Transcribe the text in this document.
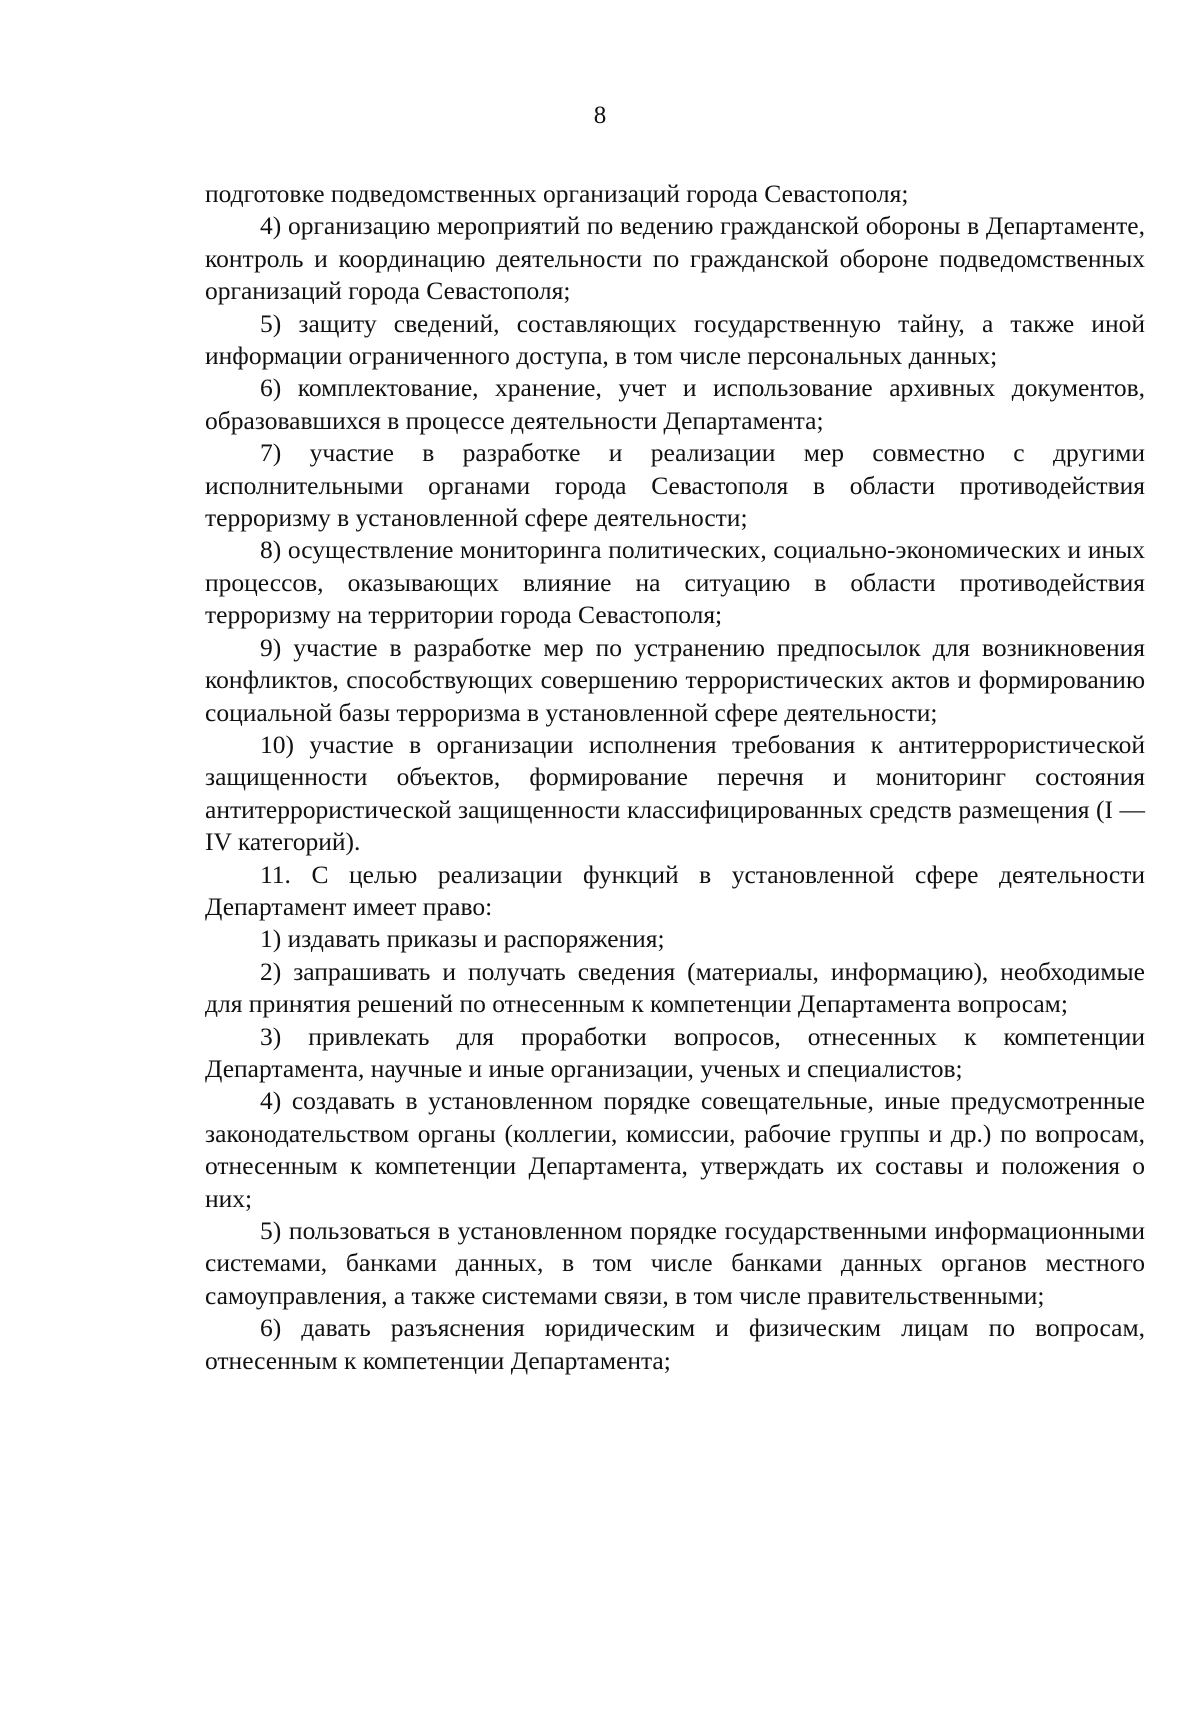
8

подготовке подведомственных организаций города Севастополя;

4) организацию мероприятий по ведению гражданской обороны в Департаменте, контроль и координацию деятельности по гражданской обороне подведомственных организаций города Севастополя;

5) защиту сведений, составляющих государственную тайну, а также иной информации ограниченного доступа, в том числе персональных данных;

6) комплектование, хранение, учет и использование архивных документов, образовавшихся в процессе деятельности Департамента;

7) участие в разработке и реализации мер совместно с другими исполнительными органами города Севастополя в области противодействия терроризму в установленной сфере деятельности;

8) осуществление мониторинга политических, социально-экономических и иных процессов, оказывающих влияние на ситуацию в области противодействия терроризму на территории города Севастополя;

9) участие в разработке мер по устранению предпосылок для возникновения конфликтов, способствующих совершению террористических актов и формированию социальной базы терроризма в установленной сфере деятельности;

10) участие в организации исполнения требования к антитеррористической защищенности объектов, формирование перечня и мониторинг состояния антитеррористической защищенности классифицированных средств размещения (I — IV категорий).

11. С целью реализации функций в установленной сфере деятельности Департамент имеет право:

1) издавать приказы и распоряжения;

2) запрашивать и получать сведения (материалы, информацию), необходимые для принятия решений по отнесенным к компетенции Департамента вопросам;

3) привлекать для проработки вопросов, отнесенных к компетенции Департамента, научные и иные организации, ученых и специалистов;

4) создавать в установленном порядке совещательные, иные предусмотренные законодательством органы (коллегии, комиссии, рабочие группы и др.) по вопросам, отнесенным к компетенции Департамента, утверждать их составы и положения о них;

5) пользоваться в установленном порядке государственными информационными системами, банками данных, в том числе банками данных органов местного самоуправления, а также системами связи, в том числе правительственными;

6) давать разъяснения юридическим и физическим лицам по вопросам, отнесенным к компетенции Департамента;
